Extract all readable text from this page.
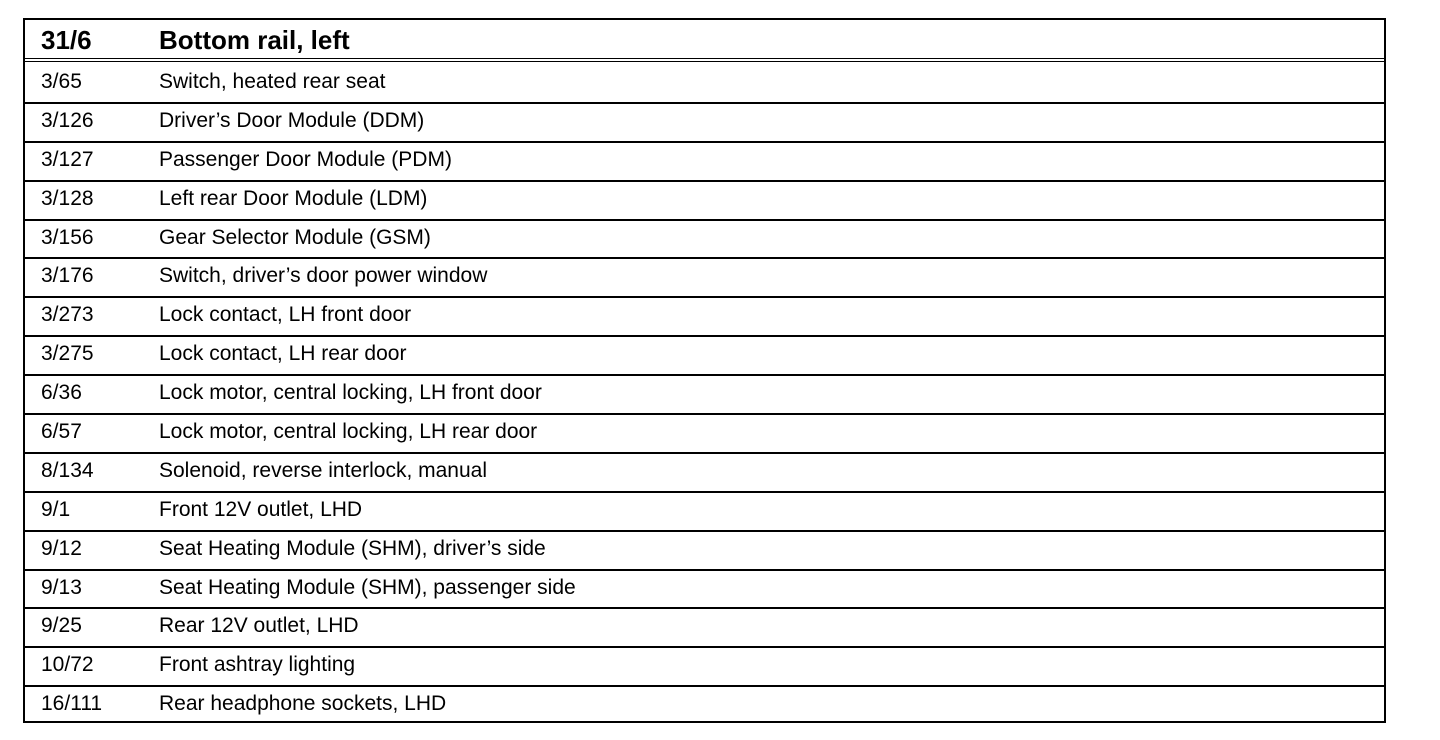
31/6	Bottom rail, left
3/65	Switch, heated rear seat
3/126	Driver’s Door Module (DDM)
3/127	Passenger Door Module (PDM)
3/128	Left rear Door Module (LDM)
3/156	Gear Selector Module (GSM)
3/176	Switch, driver’s door power window
3/273	Lock contact, LH front door
3/275	Lock contact, LH rear door
6/36	Lock motor, central locking, LH front door
6/57	Lock motor, central locking, LH rear door
8/134	Solenoid, reverse interlock, manual
9/1	Front 12V outlet, LHD
9/12	Seat Heating Module (SHM), driver’s side
9/13	Seat Heating Module (SHM), passenger side
9/25	Rear 12V outlet, LHD
10/72	Front ashtray lighting
16/111	Rear headphone sockets, LHD
